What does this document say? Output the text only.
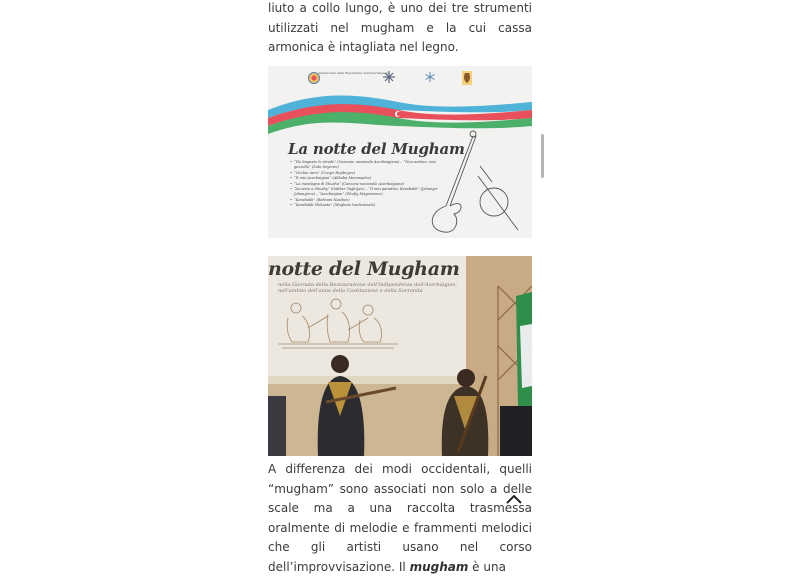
liuto a collo lungo, è uno dei tre strumenti utilizzati nel mugham e la cui cassa armonica è intagliata nel legno.

Ambasciata della Repubblica dell'Azerbaigian
La notte del Mugham
• “Ho bagnato le strade” (Canzone nazionale Azerbaigiana) – “Non andare, mia gazzella” (Zulu Seyerov)
• “Occhio nero” (Uzeyir Hajibeyov)
• “Il mio Azerbaigian” (Alibaba Mammadov)
• “La montagna di Shusha” (Canzone nazionale Azerbaigiana)
• “Accanto a Shushy” (Gabber Taghiyev) – “Il mio paradiso, Karabakh” (Jahangir Jahangirov) – “Azerbaigian” (Shafiq Mageramov)
• “Karabakh” (Bahram Nasibov)
• “Karabakh Shikastu” (Mugham tradizionale)
notte del Mugham
nella Giornata della Restaurazione dell'Indipendenza dell'Azerbaigian, nell'ambito dell'anno della Costituzione e della Sovranità

A differenza dei modi occidentali, quelli “mugham” sono associati non solo a delle scale ma a una raccolta trasmessa oralmente di melodie e frammenti melodici che gli artisti usano nel corso dell’improvvisazione. Il mugham è una
